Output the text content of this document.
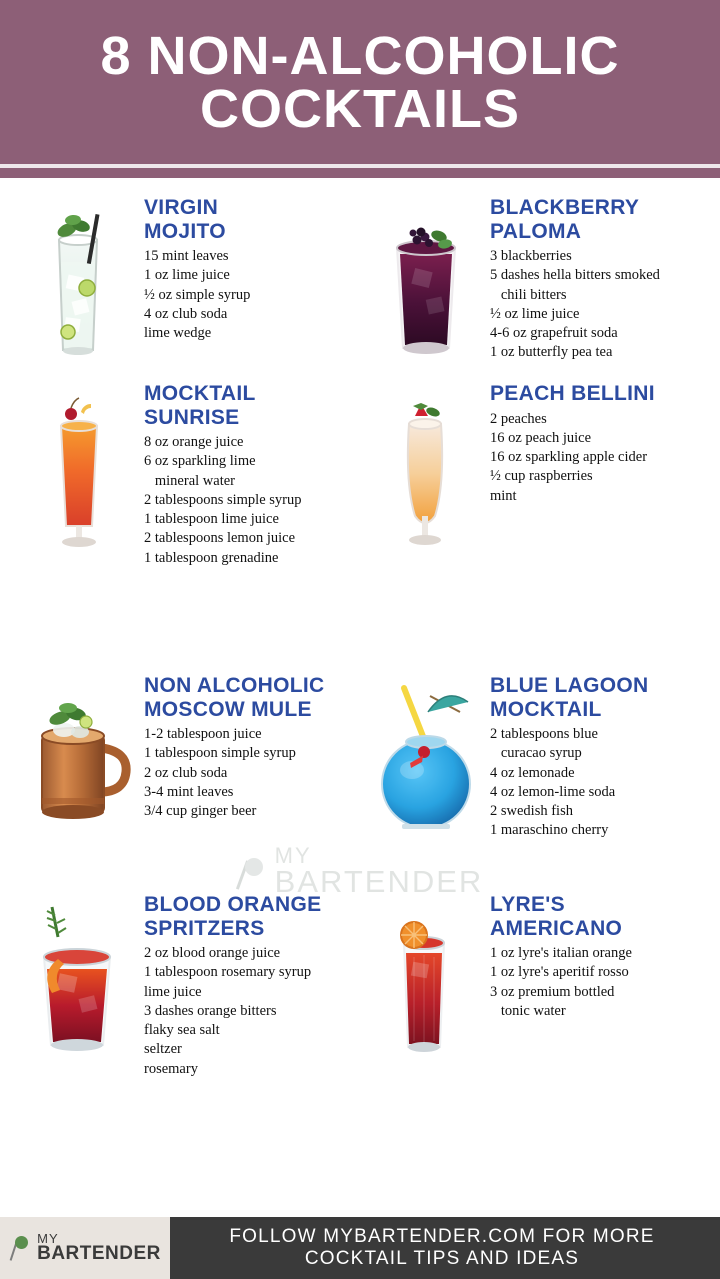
8 NON-ALCOHOLIC
COCKTAILS
VIRGIN
MOJITO
15 mint leaves
1 oz lime juice
½ oz simple syrup
4 oz club soda
lime wedge
BLACKBERRY
PALOMA
3 blackberries
5 dashes hella bitters smoked
chili bitters
½ oz lime juice
4-6 oz grapefruit soda
1 oz butterfly pea tea
MOCKTAIL
SUNRISE
8 oz orange juice
6 oz sparkling lime
mineral water
2 tablespoons simple syrup
1 tablespoon lime juice
2 tablespoons lemon juice
1 tablespoon grenadine
PEACH BELLINI
2 peaches
16 oz peach juice
16 oz sparkling apple cider
½ cup raspberries
mint
MY
BARTENDER
NON ALCOHOLIC
MOSCOW MULE
1-2 tablespoon juice
1 tablespoon simple syrup
2 oz club soda
3-4 mint leaves
3/4 cup ginger beer
BLUE LAGOON
MOCKTAIL
2 tablespoons blue
curacao syrup
4 oz lemonade
4 oz lemon-lime soda
2 swedish fish
1 maraschino cherry
BLOOD ORANGE
SPRITZERS
2 oz blood orange juice
1 tablespoon rosemary syrup
lime juice
3 dashes orange bitters
flaky sea salt
seltzer
rosemary
LYRE'S
AMERICANO
1 oz lyre's italian orange
1 oz lyre's aperitif rosso
3 oz premium bottled
tonic water
MY
BARTENDER
FOLLOW MYBARTENDER.COM FOR MORE
COCKTAIL TIPS AND IDEAS
